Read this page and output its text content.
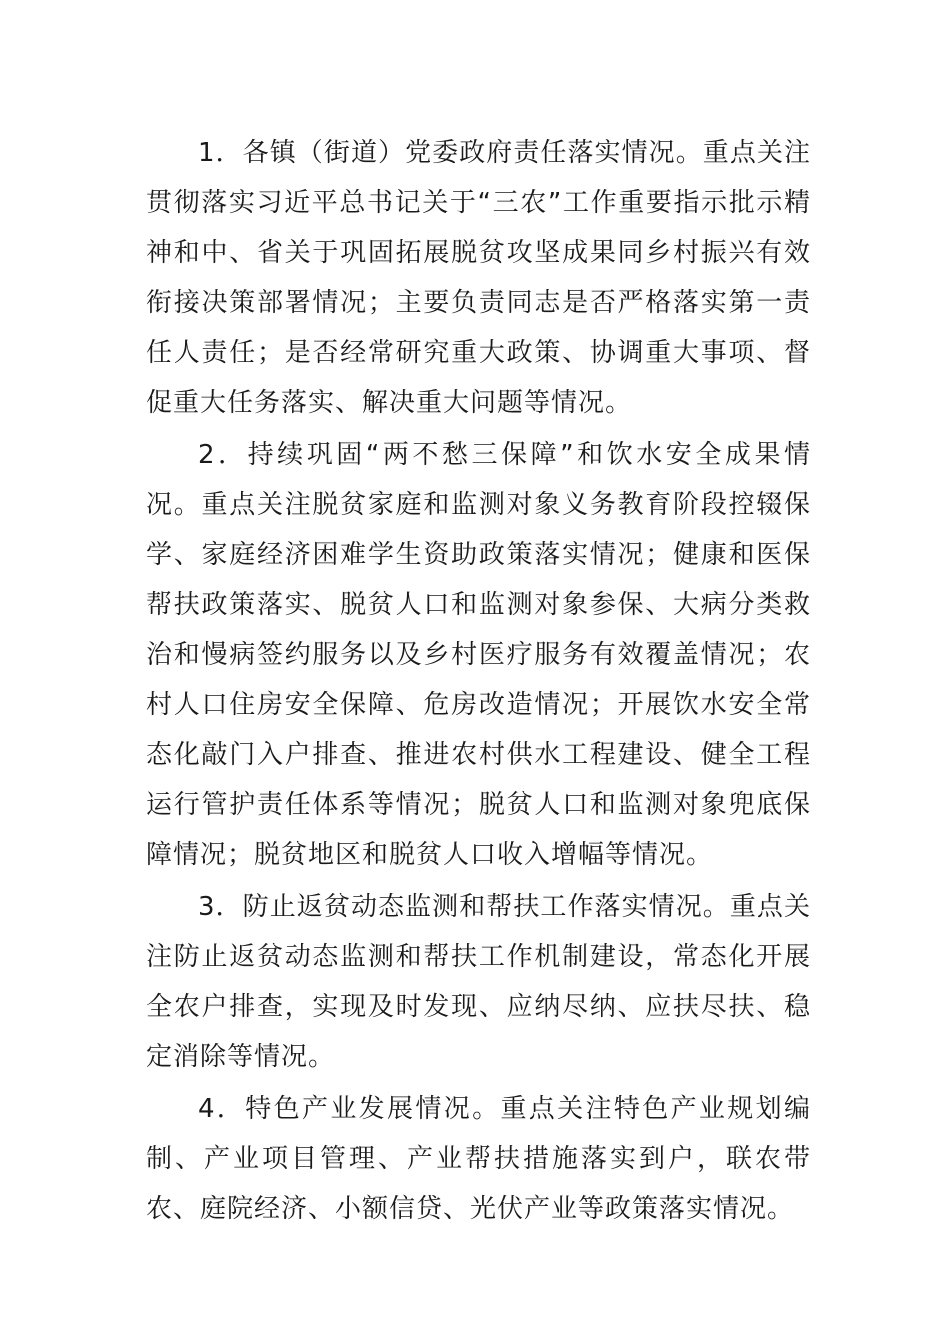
1．各镇（街道）党委政府责任落实情况。重点关注贯彻落实习近平总书记关于“三农”工作重要指示批示精神和中、省关于巩固拓展脱贫攻坚成果同乡村振兴有效衔接决策部署情况；主要负责同志是否严格落实第一责任人责任；是否经常研究重大政策、协调重大事项、督促重大任务落实、解决重大问题等情况。

2．持续巩固“两不愁三保障”和饮水安全成果情况。重点关注脱贫家庭和监测对象义务教育阶段控辍保学、家庭经济困难学生资助政策落实情况；健康和医保帮扶政策落实、脱贫人口和监测对象参保、大病分类救治和慢病签约服务以及乡村医疗服务有效覆盖情况；农村人口住房安全保障、危房改造情况；开展饮水安全常态化敲门入户排查、推进农村供水工程建设、健全工程运行管护责任体系等情况；脱贫人口和监测对象兜底保障情况；脱贫地区和脱贫人口收入增幅等情况。

3．防止返贫动态监测和帮扶工作落实情况。重点关注防止返贫动态监测和帮扶工作机制建设，常态化开展全农户排查，实现及时发现、应纳尽纳、应扶尽扶、稳定消除等情况。

4．特色产业发展情况。重点关注特色产业规划编制、产业项目管理、产业帮扶措施落实到户，联农带农、庭院经济、小额信贷、光伏产业等政策落实情况。
